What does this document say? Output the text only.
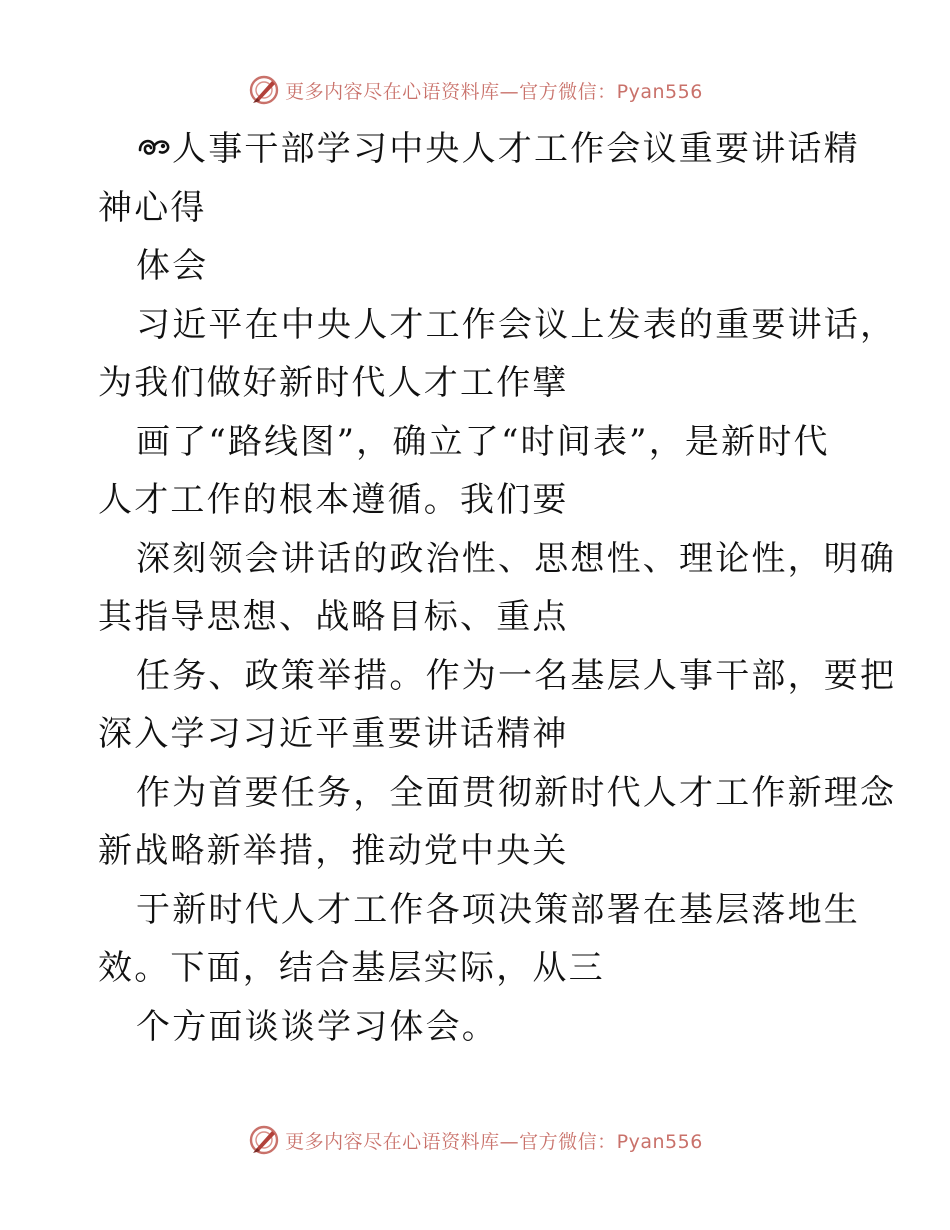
更多内容尽在心语资料库—官方微信：Pyan556
人事干部学习中央人才工作会议重要讲话精
神心得
体会
习近平在中央人才工作会议上发表的重要讲话，
为我们做好新时代人才工作擘
画了“路线图”，确立了“时间表”，是新时代
人才工作的根本遵循。我们要
深刻领会讲话的政治性、思想性、理论性，明确
其指导思想、战略目标、重点
任务、政策举措。作为一名基层人事干部，要把
深入学习习近平重要讲话精神
作为首要任务，全面贯彻新时代人才工作新理念
新战略新举措，推动党中央关
于新时代人才工作各项决策部署在基层落地生
效。下面，结合基层实际，从三
个方面谈谈学习体会。
更多内容尽在心语资料库—官方微信：Pyan556
